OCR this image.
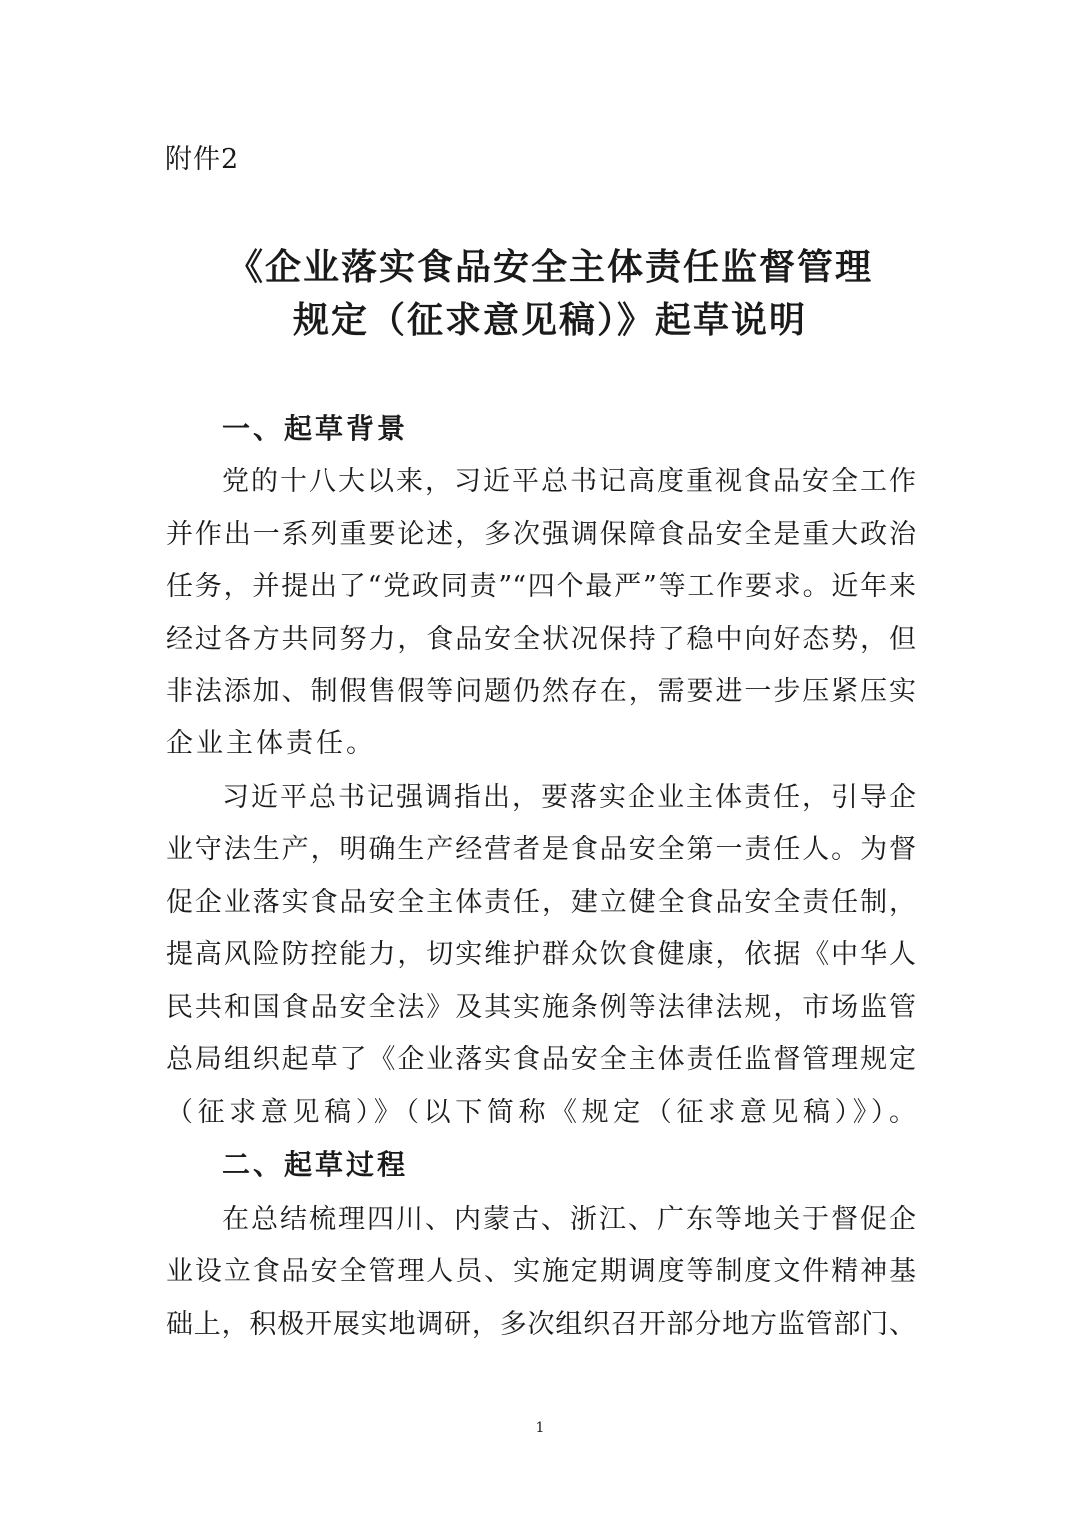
附件2
《企业落实食品安全主体责任监督管理
规定（征求意见稿）》起草说明
一、起草背景
党的十八大以来，习近平总书记高度重视食品安全工作
并作出一系列重要论述，多次强调保障食品安全是重大政治
任务，并提出了“党政同责”“四个最严”等工作要求。近年来
经过各方共同努力，食品安全状况保持了稳中向好态势，但
非法添加、制假售假等问题仍然存在，需要进一步压紧压实
企业主体责任。
习近平总书记强调指出，要落实企业主体责任，引导企
业守法生产，明确生产经营者是食品安全第一责任人。为督
促企业落实食品安全主体责任，建立健全食品安全责任制，
提高风险防控能力，切实维护群众饮食健康，依据《中华人
民共和国食品安全法》及其实施条例等法律法规，市场监管
总局组织起草了《企业落实食品安全主体责任监督管理规定
（征求意见稿）》（以下简称《规定（征求意见稿）》）。
二、起草过程
在总结梳理四川、内蒙古、浙江、广东等地关于督促企
业设立食品安全管理人员、实施定期调度等制度文件精神基
础上，积极开展实地调研，多次组织召开部分地方监管部门、
1
